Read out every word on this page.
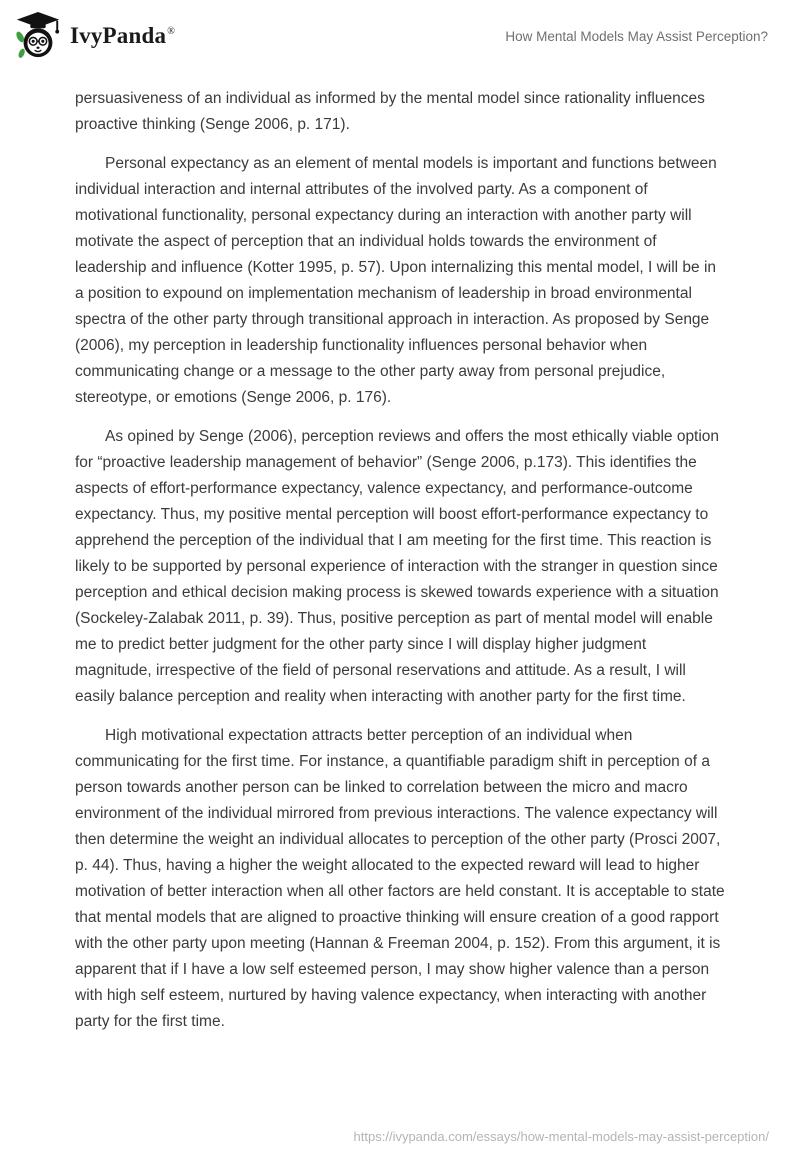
IvyPanda®	How Mental Models May Assist Perception?

persuasiveness of an individual as informed by the mental model since rationality influences proactive thinking (Senge 2006, p. 171).

Personal expectancy as an element of mental models is important and functions between individual interaction and internal attributes of the involved party. As a component of motivational functionality, personal expectancy during an interaction with another party will motivate the aspect of perception that an individual holds towards the environment of leadership and influence (Kotter 1995, p. 57). Upon internalizing this mental model, I will be in a position to expound on implementation mechanism of leadership in broad environmental spectra of the other party through transitional approach in interaction. As proposed by Senge (2006), my perception in leadership functionality influences personal behavior when communicating change or a message to the other party away from personal prejudice, stereotype, or emotions (Senge 2006, p. 176).

As opined by Senge (2006), perception reviews and offers the most ethically viable option for “proactive leadership management of behavior” (Senge 2006, p.173). This identifies the aspects of effort-performance expectancy, valence expectancy, and performance-outcome expectancy. Thus, my positive mental perception will boost effort-performance expectancy to apprehend the perception of the individual that I am meeting for the first time. This reaction is likely to be supported by personal experience of interaction with the stranger in question since perception and ethical decision making process is skewed towards experience with a situation (Sockeley-Zalabak 2011, p. 39). Thus, positive perception as part of mental model will enable me to predict better judgment for the other party since I will display higher judgment magnitude, irrespective of the field of personal reservations and attitude. As a result, I will easily balance perception and reality when interacting with another party for the first time.

High motivational expectation attracts better perception of an individual when communicating for the first time. For instance, a quantifiable paradigm shift in perception of a person towards another person can be linked to correlation between the micro and macro environment of the individual mirrored from previous interactions. The valence expectancy will then determine the weight an individual allocates to perception of the other party (Prosci 2007, p. 44). Thus, having a higher the weight allocated to the expected reward will lead to higher motivation of better interaction when all other factors are held constant. It is acceptable to state that mental models that are aligned to proactive thinking will ensure creation of a good rapport with the other party upon meeting (Hannan & Freeman 2004, p. 152). From this argument, it is apparent that if I have a low self esteemed person, I may show higher valence than a person with high self esteem, nurtured by having valence expectancy, when interacting with another party for the first time.

https://ivypanda.com/essays/how-mental-models-may-assist-perception/
